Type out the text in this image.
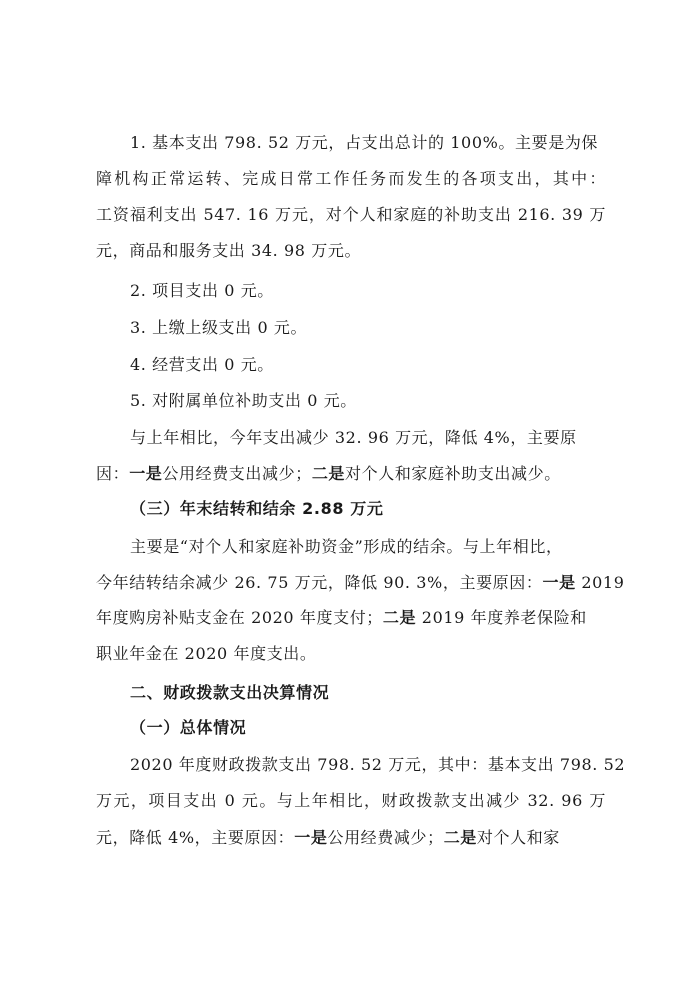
1. 基本支出 798. 52 万元，占支出总计的 100%。主要是为保
障机构正常运转、完成日常工作任务而发生的各项支出，其中：
工资福利支出 547. 16 万元，对个人和家庭的补助支出 216. 39 万
元，商品和服务支出 34. 98 万元。
2. 项目支出 0 元。
3. 上缴上级支出 0 元。
4. 经营支出 0 元。
5. 对附属单位补助支出 0 元。
与上年相比，今年支出减少 32. 96 万元，降低 4%，主要原
因：一是公用经费支出减少；二是对个人和家庭补助支出减少。
（三）年末结转和结余 2.88 万元
主要是“对个人和家庭补助资金”形成的结余。与上年相比，
今年结转结余减少 26. 75 万元，降低 90. 3%，主要原因：一是 2019
年度购房补贴支金在 2020 年度支付；二是 2019 年度养老保险和
职业年金在 2020 年度支出。
二、财政拨款支出决算情况
（一）总体情况
2020 年度财政拨款支出 798. 52 万元，其中：基本支出 798. 52
万元，项目支出 0 元。与上年相比，财政拨款支出减少 32. 96 万
元，降低 4%，主要原因：一是公用经费减少；二是对个人和家
